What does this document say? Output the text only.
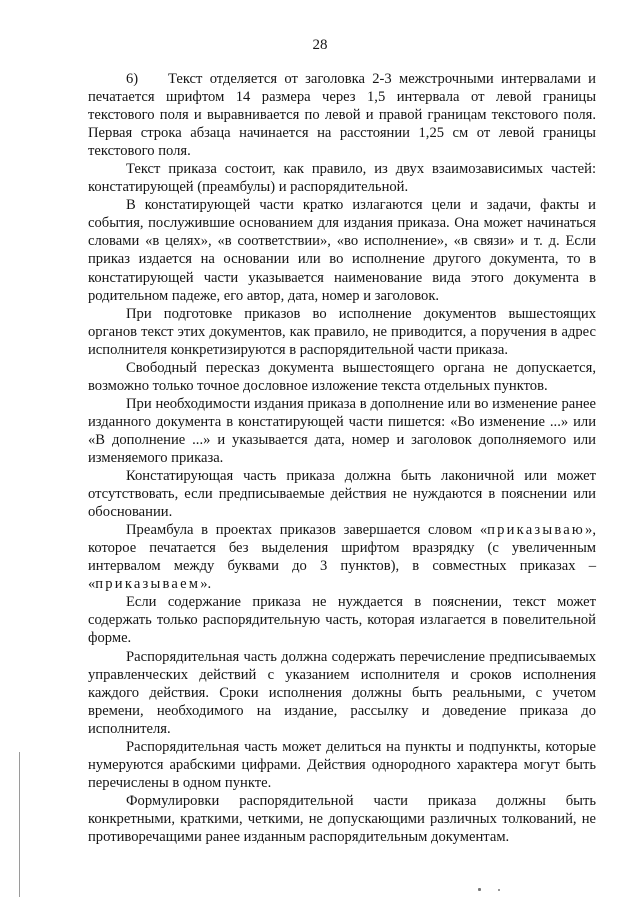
28

6) Текст отделяется от заголовка 2-3 межстрочными интервалами и печатается шрифтом 14 размера через 1,5 интервала от левой границы текстового поля и выравнивается по левой и правой границам текстового поля. Первая строка абзаца начинается на расстоянии 1,25 см от левой границы текстового поля.

Текст приказа состоит, как правило, из двух взаимозависимых частей: констатирующей (преамбулы) и распорядительной.

В констатирующей части кратко излагаются цели и задачи, факты и события, послужившие основанием для издания приказа. Она может начинаться словами «в целях», «в соответствии», «во исполнение», «в связи» и т. д. Если приказ издается на основании или во исполнение другого документа, то в констатирующей части указывается наименование вида этого документа в родительном падеже, его автор, дата, номер и заголовок.

При подготовке приказов во исполнение документов вышестоящих органов текст этих документов, как правило, не приводится, а поручения в адрес исполнителя конкретизируются в распорядительной части приказа.

Свободный пересказ документа вышестоящего органа не допускается, возможно только точное дословное изложение текста отдельных пунктов.

При необходимости издания приказа в дополнение или во изменение ранее изданного документа в констатирующей части пишется: «Во изменение ...» или «В дополнение ...» и указывается дата, номер и заголовок дополняемого или изменяемого приказа.

Констатирующая часть приказа должна быть лаконичной или может отсутствовать, если предписываемые действия не нуждаются в пояснении или обосновании.

Преамбула в проектах приказов завершается словом «приказываю», которое печатается без выделения шрифтом вразрядку (с увеличенным интервалом между буквами до 3 пунктов), в совместных приказах – «приказываем».

Если содержание приказа не нуждается в пояснении, текст может содержать только распорядительную часть, которая излагается в повелительной форме.

Распорядительная часть должна содержать перечисление предписываемых управленческих действий с указанием исполнителя и сроков исполнения каждого действия. Сроки исполнения должны быть реальными, с учетом времени, необходимого на издание, рассылку и доведение приказа до исполнителя.

Распорядительная часть может делиться на пункты и подпункты, которые нумеруются арабскими цифрами. Действия однородного характера могут быть перечислены в одном пункте.

Формулировки распорядительной части приказа должны быть конкретными, краткими, четкими, не допускающими различных толкований, не противоречащими ранее изданным распорядительным документам.
